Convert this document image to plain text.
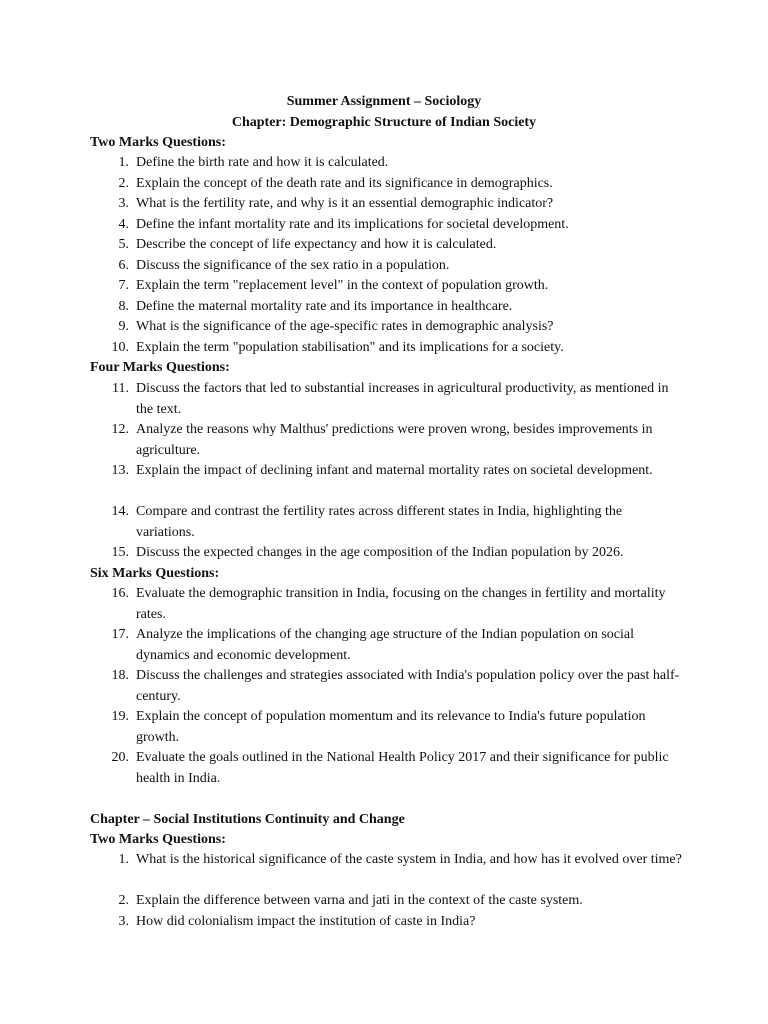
Summer Assignment – Sociology
Chapter: Demographic Structure of Indian Society
Two Marks Questions:
1. Define the birth rate and how it is calculated.
2. Explain the concept of the death rate and its significance in demographics.
3. What is the fertility rate, and why is it an essential demographic indicator?
4. Define the infant mortality rate and its implications for societal development.
5. Describe the concept of life expectancy and how it is calculated.
6. Discuss the significance of the sex ratio in a population.
7. Explain the term "replacement level" in the context of population growth.
8. Define the maternal mortality rate and its importance in healthcare.
9. What is the significance of the age-specific rates in demographic analysis?
10. Explain the term "population stabilisation" and its implications for a society.
Four Marks Questions:
11. Discuss the factors that led to substantial increases in agricultural productivity, as mentioned in the text.
12. Analyze the reasons why Malthus' predictions were proven wrong, besides improvements in agriculture.
13. Explain the impact of declining infant and maternal mortality rates on societal development.
14. Compare and contrast the fertility rates across different states in India, highlighting the variations.
15. Discuss the expected changes in the age composition of the Indian population by 2026.
Six Marks Questions:
16. Evaluate the demographic transition in India, focusing on the changes in fertility and mortality rates.
17. Analyze the implications of the changing age structure of the Indian population on social dynamics and economic development.
18. Discuss the challenges and strategies associated with India's population policy over the past half-century.
19. Explain the concept of population momentum and its relevance to India's future population growth.
20. Evaluate the goals outlined in the National Health Policy 2017 and their significance for public health in India.
Chapter – Social Institutions Continuity and Change
Two Marks Questions:
1. What is the historical significance of the caste system in India, and how has it evolved over time?
2. Explain the difference between varna and jati in the context of the caste system.
3. How did colonialism impact the institution of caste in India?
